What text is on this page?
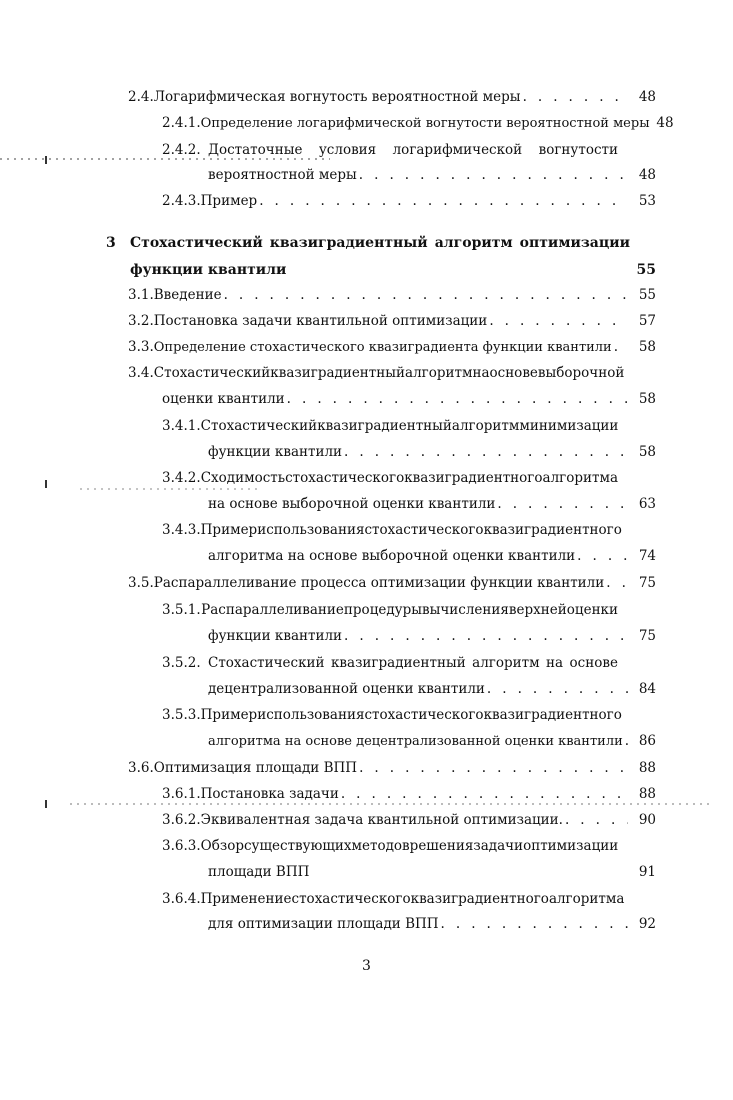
2.4. Логарифмическая вогнутость вероятностной меры . . .	48
2.4.1. Определение логарифмической вогнутости вероятностной меры 48
2.4.2. Достаточные условия логарифмической вогнутости
вероятностной меры . . .	48
2.4.3. Пример . . .	53
3	Стохастический квазиградиентный алгоритм оптимизации
функции квантили	55
3.1. Введение . . .	55
3.2. Постановка задачи квантильной оптимизации . . .	57
3.3. Определение стохастического квазиградиента функции квантили . . .	58
3.4. Стохастический квазиградиентный алгоритм на основе выборочной
оценки квантили . . .	58
3.4.1. Стохастический квазиградиентный алгоритм минимизации
функции квантили . . .	58
3.4.2. Сходимость стохастического квазиградиентного алгоритма
на основе выборочной оценки квантили . . .	63
3.4.3. Пример использования стохастического квазиградиентного
алгоритма на основе выборочной оценки квантили . . .	74
3.5. Распараллеливание процесса оптимизации функции квантили . . .	75
3.5.1. Распараллеливание процедуры вычисления верхней оценки
функции квантили . . .	75
3.5.2. Стохастический квазиградиентный алгоритм на основе
децентрализованной оценки квантили . . .	84
3.5.3. Пример использования стохастического квазиградиентного
алгоритма на основе децентрализованной оценки квантили . . .	86
3.6. Оптимизация площади ВПП . . .	88
3.6.1. Постановка задачи . . .	88
3.6.2. Эквивалентная задача квантильной оптимизации. . . .	90
3.6.3. Обзор существующих методов решения задачи оптимизации
площади ВПП	91
3.6.4. Применение стохастического квазиградиентного алгоритма
для оптимизации площади ВПП . . .	92
3
